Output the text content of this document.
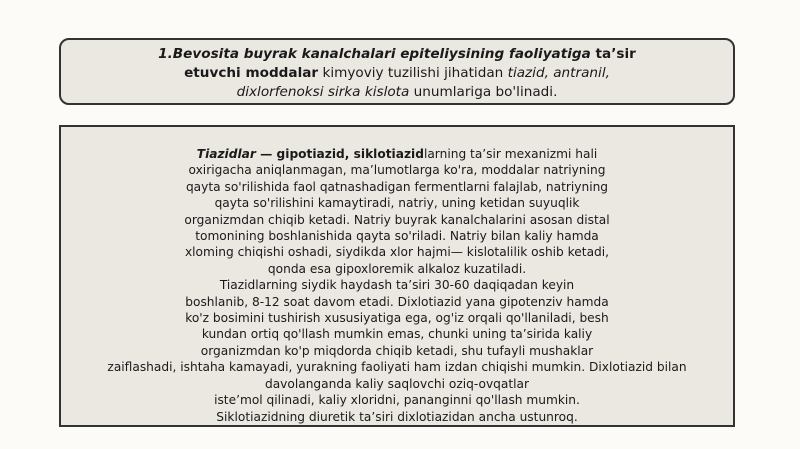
1.Bevosita buyrak kanalchalari epiteliysining faoliyatiga ta’sir
etuvchi moddalar kimyoviy tuzilishi jihatidan tiazid, antranil,
dixlorfenoksi sirka kislota unumlariga bo'linadi.
Tiazidlar — gipotiazid, siklotiazidlarning ta’sir mexanizmi hali
oxirigacha aniqlanmagan, ma’lumotlarga ko'ra, moddalar natriyning
qayta so'rilishida faol qatnashadigan fermentlarni falajlab, natriyning
qayta so'rilishini kamaytiradi, natriy, uning ketidan suyuqlik
organizmdan chiqib ketadi. Natriy buyrak kanalchalarini asosan distal
tomonining boshlanishida qayta so'riladi. Natriy bilan kaliy hamda
xloming chiqishi oshadi, siydikda xlor hajmi— kislotalilik oshib ketadi,
qonda esa gipoxloremik alkaloz kuzatiladi.
Tiazidlarning siydik haydash ta’siri 30-60 daqiqadan keyin
boshlanib, 8-12 soat davom etadi. Dixlotiazid yana gipotenziv hamda
ko'z bosimini tushirish xususiyatiga ega, og'iz orqali qo'llaniladi, besh
kundan ortiq qo'llash mumkin emas, chunki uning ta’sirida kaliy
organizmdan ko'p miqdorda chiqib ketadi, shu tufayli mushaklar
zaiflashadi, ishtaha kamayadi, yurakning faoliyati ham izdan chiqishi mumkin. Dixlotiazid bilan
davolanganda kaliy saqlovchi oziq-ovqatlar
iste’mol qilinadi, kaliy xloridni, pananginni qo'llash mumkin.
Siklotiazidning diuretik ta’siri dixlotiazidan ancha ustunroq.
